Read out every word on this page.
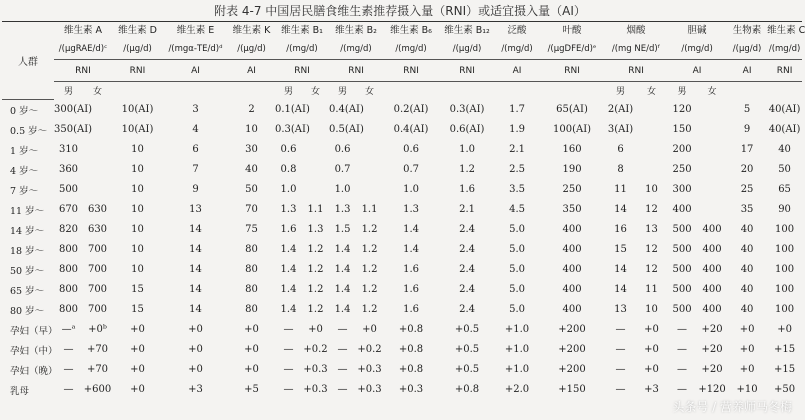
附表 4-7 中国居民膳食维生素推荐摄入量（RNI）或适宜摄入量（AI）
人群	维生素 A		维生素 D	维生素 E	维生素 K	维生素 B₁		维生素 B₂		维生素 B₆	维生素 B₁₂	泛酸	叶酸	烟酸		胆碱		生物素	维生素 C
	/(μgRAE/d)ᶜ		/(μg/d)	/(mgα-TE/d)ᵈ	/(μg/d)	/(mg/d)		/(mg/d)		/(mg/d)	/(μg/d)	/(mg/d)	/(μgDFE/d)ᵉ	/(mg NE/d)ᶠ		/(mg/d)		/(μg/d)	/(mg/d)
	RNI		RNI	AI	AI	RNI		RNI		RNI	RNI	AI	RNI	RNI		AI		AI	RNI
	男	女				男	女	男	女					男	女	男	女		
0 岁～	300(AI)		10(AI)	3	2	0.1(AI)		0.4(AI)		0.2(AI)	0.3(AI)	1.7	65(AI)	2(AI)		120		5	40(AI)
0.5 岁～	350(AI)		10(AI)	4	10	0.3(AI)		0.5(AI)		0.4(AI)	0.6(AI)	1.9	100(AI)	3(AI)		150		9	40(AI)
1 岁～	310		10	6	30	0.6		0.6		0.6	1.0	2.1	160	6		200		17	40
4 岁～	360		10	7	40	0.8		0.7		0.7	1.2	2.5	190	8		250		20	50
7 岁～	500		10	9	50	1.0		1.0		1.0	1.6	3.5	250	11	10	300		25	65
11 岁～	670	630	10	13	70	1.3	1.1	1.3	1.1	1.3	2.1	4.5	350	14	12	400		35	90
14 岁～	820	630	10	14	75	1.6	1.3	1.5	1.2	1.4	2.4	5.0	400	16	13	500	400	40	100
18 岁～	800	700	10	14	80	1.4	1.2	1.4	1.2	1.4	2.4	5.0	400	15	12	500	400	40	100
50 岁～	800	700	10	14	80	1.4	1.2	1.4	1.2	1.6	2.4	5.0	400	14	12	500	400	40	100
65 岁～	800	700	15	14	80	1.4	1.2	1.4	1.2	1.6	2.4	5.0	400	14	11	500	400	40	100
80 岁～	800	700	15	14	80	1.4	1.2	1.4	1.2	1.6	2.4	5.0	400	13	10	500	400	40	100
孕妇（早）	—ᵃ	+0ᵇ	+0	+0	+0	—	+0	—	+0	+0.8	+0.5	+1.0	+200	—	+0	—	+20	+0	+0
孕妇（中）	—	+70	+0	+0	+0	—	+0.2	—	+0.2	+0.8	+0.5	+1.0	+200	—	+0	—	+20	+0	+15
孕妇（晚）	—	+70	+0	+0	+0	—	+0.3	—	+0.3	+0.8	+0.5	+1.0	+200	—	+0	—	+20	+0	+15
乳母	—	+600	+0	+3	+5	—	+0.3	—	+0.3	+0.3	+0.8	+2.0	+150	—	+3	—	+120	+10	+50
头条号 / 营养师马冬梅
